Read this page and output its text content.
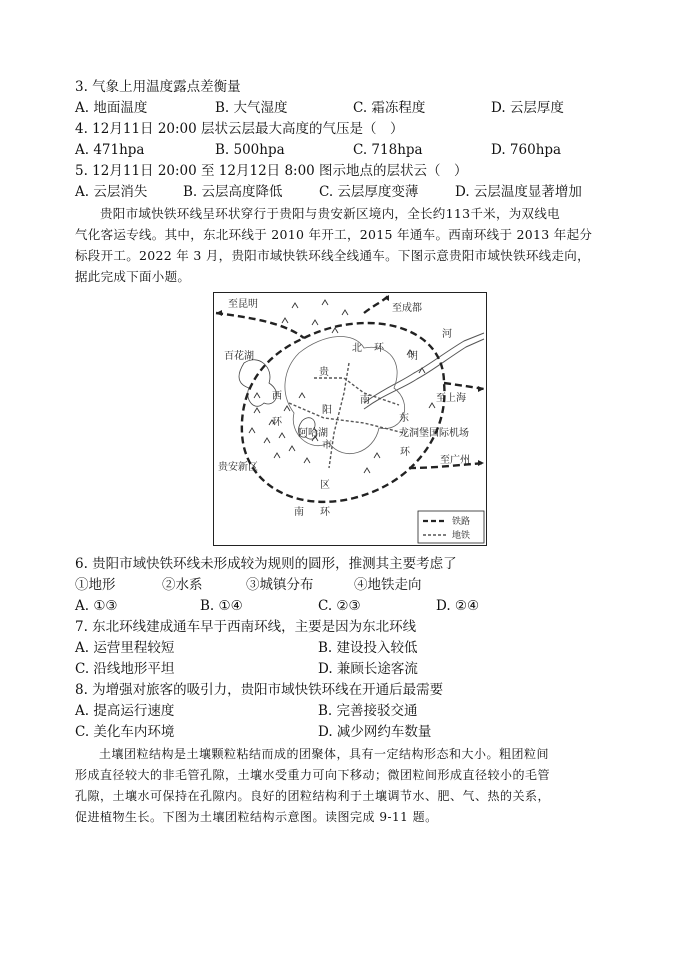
3. 气象上用温度露点差衡量
A. 地面温度	B. 大气湿度	C. 霜冻程度	D. 云层厚度
4. 12月11日 20:00 层状云层最大高度的气压是（　）
A. 471hpa	B. 500hpa	C. 718hpa	D. 760hpa
5. 12月11日 20:00 至 12月12日 8:00 图示地点的层状云（　）
A. 云层消失	B. 云层高度降低	C. 云层厚度变薄	D. 云层温度显著增加
贵阳市域快铁环线呈环状穿行于贵阳与贵安新区境内，全长约113千米，为双线电
气化客运专线。其中，东北环线于 2010 年开工，2015 年通车。西南环线于 2013 年起分
标段开工。2022 年 3 月，贵阳市域快铁环线全线通车。下图示意贵阳市域快铁环线走向，
据此完成下面小题。
至昆明	至成都
河
百花湖
北 环
明
贵
西	南	至上海
阳
东
环
阿哈湖	龙洞堡国际机场
市
环
贵安新区
至广州
区
南 环
铁路
地铁
6. 贵阳市域快铁环线未形成较为规则的圆形，推测其主要考虑了
①地形	②水系	③城镇分布	④地铁走向
A. ①③	B. ①④	C. ②③	D. ②④
7. 东北环线建成通车早于西南环线，主要是因为东北环线
A. 运营里程较短	B. 建设投入较低
C. 沿线地形平坦	D. 兼顾长途客流
8. 为增强对旅客的吸引力，贵阳市域快铁环线在开通后最需要
A. 提高运行速度	B. 完善接驳交通
C. 美化车内环境	D. 减少网约车数量
土壤团粒结构是土壤颗粒粘结而成的团聚体，具有一定结构形态和大小。粗团粒间
形成直径较大的非毛管孔隙，土壤水受重力可向下移动；微团粒间形成直径较小的毛管
孔隙，土壤水可保持在孔隙内。良好的团粒结构利于土壤调节水、肥、气、热的关系，
促进植物生长。下图为土壤团粒结构示意图。读图完成 9-11 题。
